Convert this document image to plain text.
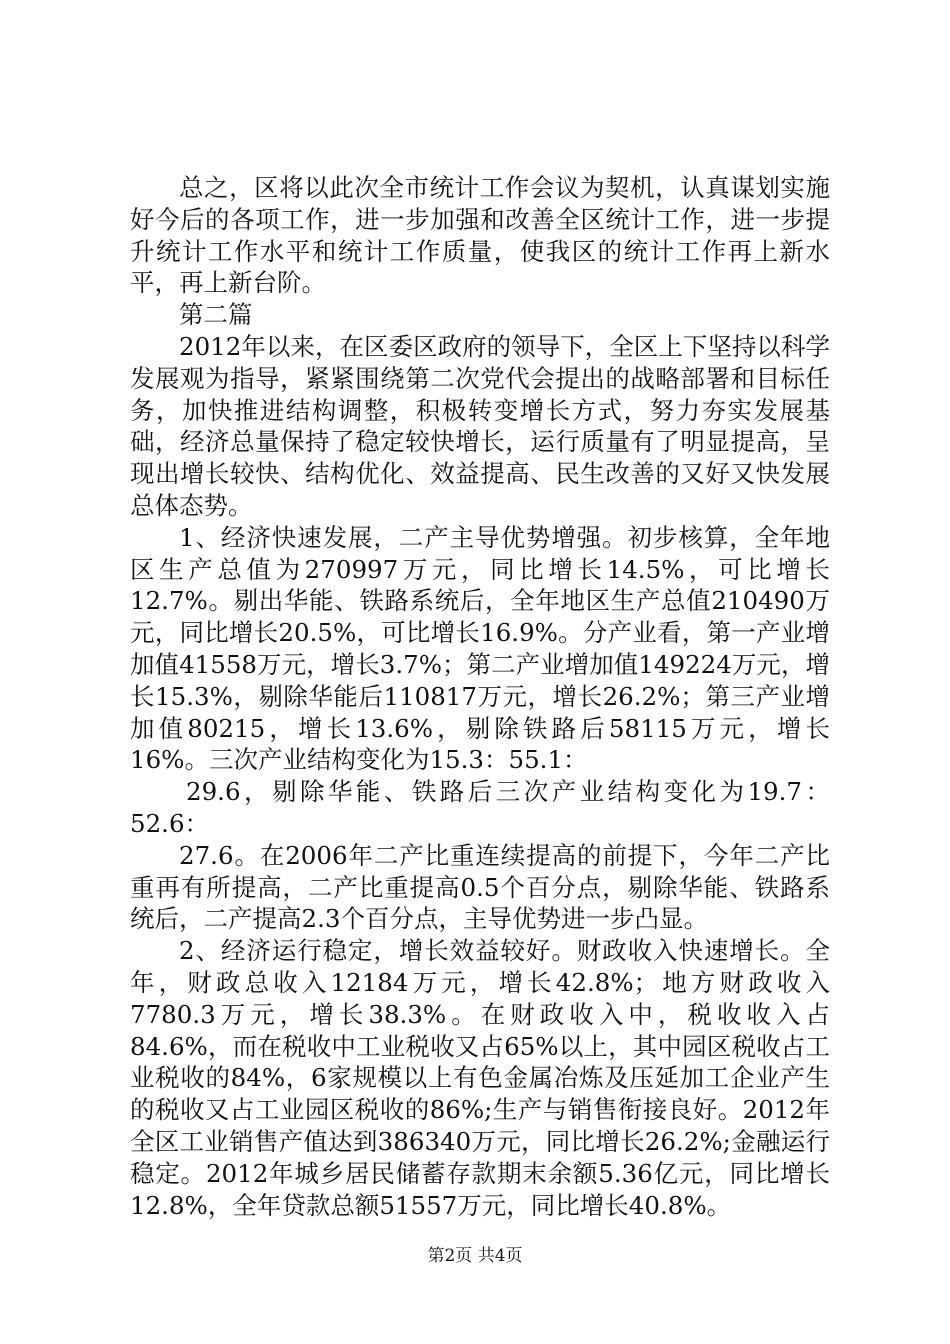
总之，区将以此次全市统计工作会议为契机，认真谋划实施好今后的各项工作，进一步加强和改善全区统计工作，进一步提升统计工作水平和统计工作质量，使我区的统计工作再上新水平，再上新台阶。

第二篇

2012年以来，在区委区政府的领导下，全区上下坚持以科学发展观为指导，紧紧围绕第二次党代会提出的战略部署和目标任务，加快推进结构调整，积极转变增长方式，努力夯实发展基础，经济总量保持了稳定较快增长，运行质量有了明显提高，呈现出增长较快、结构优化、效益提高、民生改善的又好又快发展总体态势。

1、经济快速发展，二产主导优势增强。初步核算，全年地区生产总值为270997万元，同比增长14.5%，可比增长12.7%。剔出华能、铁路系统后，全年地区生产总值210490万元，同比增长20.5%，可比增长16.9%。分产业看，第一产业增加值41558万元，增长3.7%；第二产业增加值149224万元，增长15.3%，剔除华能后110817万元，增长26.2%；第三产业增加值80215，增长13.6%，剔除铁路后58115万元，增长16%。三次产业结构变化为15.3：55.1：

29.6，剔除华能、铁路后三次产业结构变化为19.7：52.6：

27.6。在2006年二产比重连续提高的前提下，今年二产比重再有所提高，二产比重提高0.5个百分点，剔除华能、铁路系统后，二产提高2.3个百分点，主导优势进一步凸显。

2、经济运行稳定，增长效益较好。财政收入快速增长。全年，财政总收入12184万元，增长42.8%；地方财政收入7780.3万元，增长38.3%。在财政收入中，税收收入占84.6%，而在税收中工业税收又占65%以上，其中园区税收占工业税收的84%，6家规模以上有色金属冶炼及压延加工企业产生的税收又占工业园区税收的86%;生产与销售衔接良好。2012年全区工业销售产值达到386340万元，同比增长26.2%;金融运行稳定。2012年城乡居民储蓄存款期末余额5.36亿元，同比增长12.8%，全年贷款总额51557万元，同比增长40.8%。

第2页 共4页
